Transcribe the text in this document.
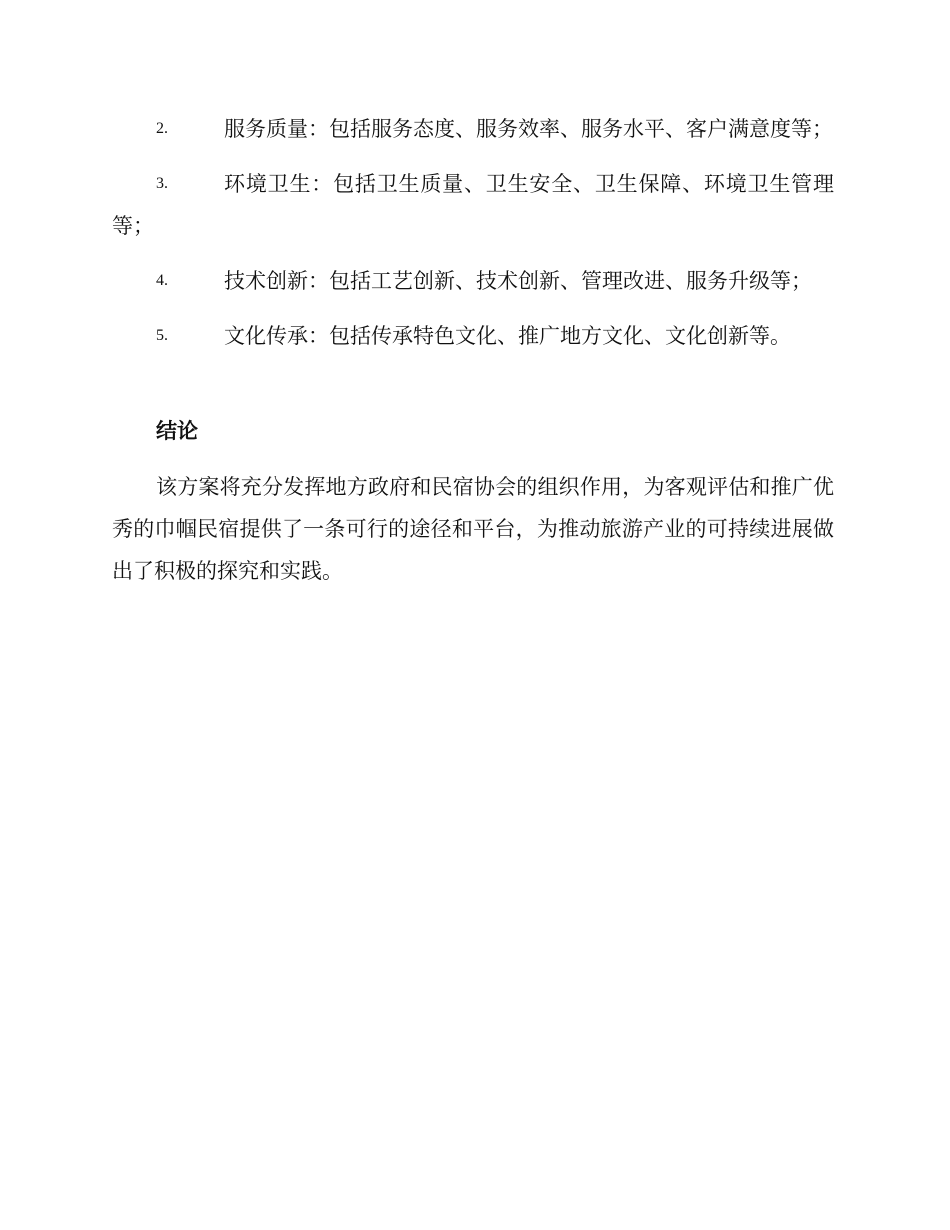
2.	服务质量：包括服务态度、服务效率、服务水平、客户满意度等；
3.	环境卫生：包括卫生质量、卫生安全、卫生保障、环境卫生管理等；
4.	技术创新：包括工艺创新、技术创新、管理改进、服务升级等；
5.	文化传承：包括传承特色文化、推广地方文化、文化创新等。
结论
该方案将充分发挥地方政府和民宿协会的组织作用，为客观评估和推广优秀的巾帼民宿提供了一条可行的途径和平台，为推动旅游产业的可持续进展做出了积极的探究和实践。
